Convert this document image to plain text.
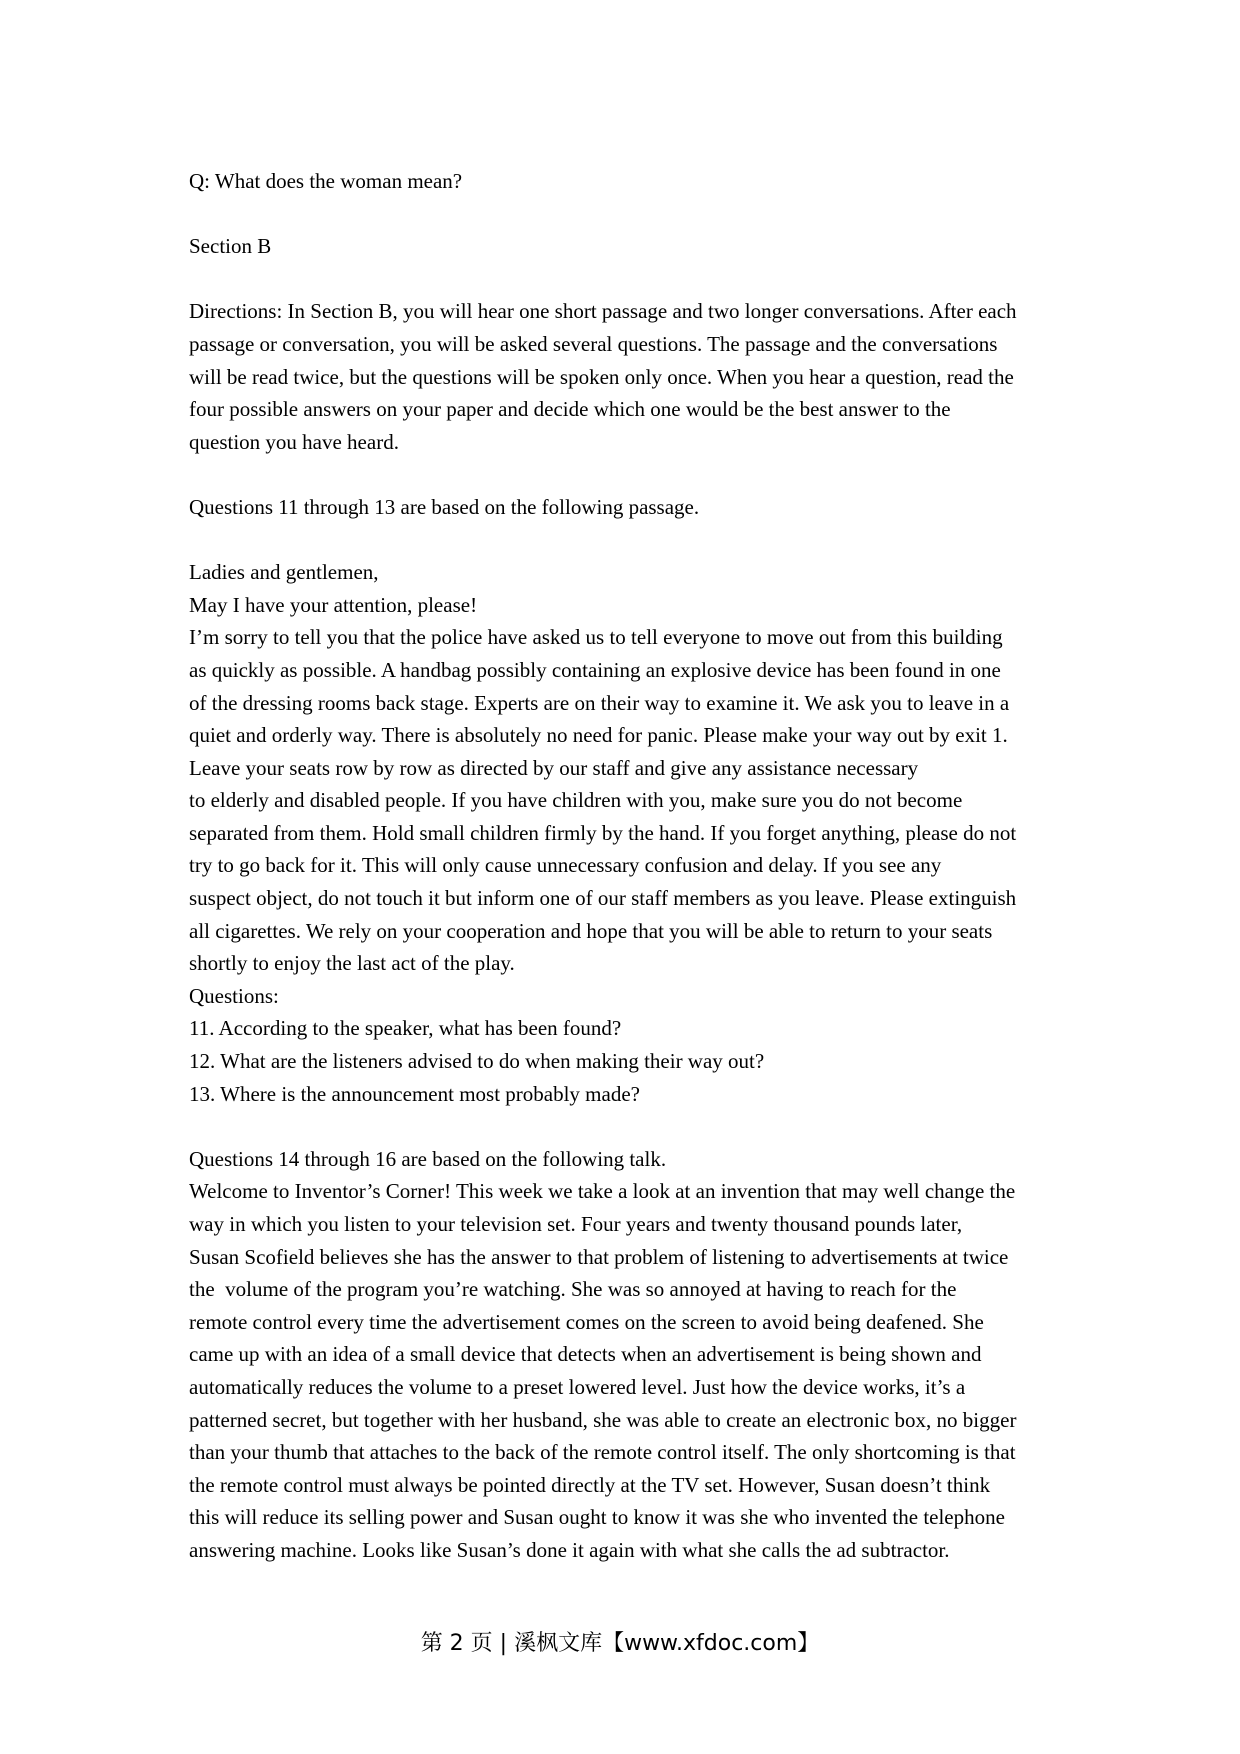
Q: What does the woman mean?

Section B

Directions: In Section B, you will hear one short passage and two longer conversations. After each
passage or conversation, you will be asked several questions. The passage and the conversations
will be read twice, but the questions will be spoken only once. When you hear a question, read the
four possible answers on your paper and decide which one would be the best answer to the
question you have heard.

Questions 11 through 13 are based on the following passage.

Ladies and gentlemen,
May I have your attention, please!
I’m sorry to tell you that the police have asked us to tell everyone to move out from this building
as quickly as possible. A handbag possibly containing an explosive device has been found in one
of the dressing rooms back stage. Experts are on their way to examine it. We ask you to leave in a
quiet and orderly way. There is absolutely no need for panic. Please make your way out by exit 1.
Leave your seats row by row as directed by our staff and give any assistance necessary
to elderly and disabled people. If you have children with you, make sure you do not become
separated from them. Hold small children firmly by the hand. If you forget anything, please do not
try to go back for it. This will only cause unnecessary confusion and delay. If you see any
suspect object, do not touch it but inform one of our staff members as you leave. Please extinguish
all cigarettes. We rely on your cooperation and hope that you will be able to return to your seats
shortly to enjoy the last act of the play.
Questions:
11. According to the speaker, what has been found?
12. What are the listeners advised to do when making their way out?
13. Where is the announcement most probably made?

Questions 14 through 16 are based on the following talk.
Welcome to Inventor’s Corner! This week we take a look at an invention that may well change the
way in which you listen to your television set. Four years and twenty thousand pounds later,
Susan Scofield believes she has the answer to that problem of listening to advertisements at twice
the  volume of the program you’re watching. She was so annoyed at having to reach for the
remote control every time the advertisement comes on the screen to avoid being deafened. She
came up with an idea of a small device that detects when an advertisement is being shown and
automatically reduces the volume to a preset lowered level. Just how the device works, it’s a
patterned secret, but together with her husband, she was able to create an electronic box, no bigger
than your thumb that attaches to the back of the remote control itself. The only shortcoming is that
the remote control must always be pointed directly at the TV set. However, Susan doesn’t think
this will reduce its selling power and Susan ought to know it was she who invented the telephone
answering machine. Looks like Susan’s done it again with what she calls the ad subtractor.

第 2 页 | 溪枫文库【www.xfdoc.com】
